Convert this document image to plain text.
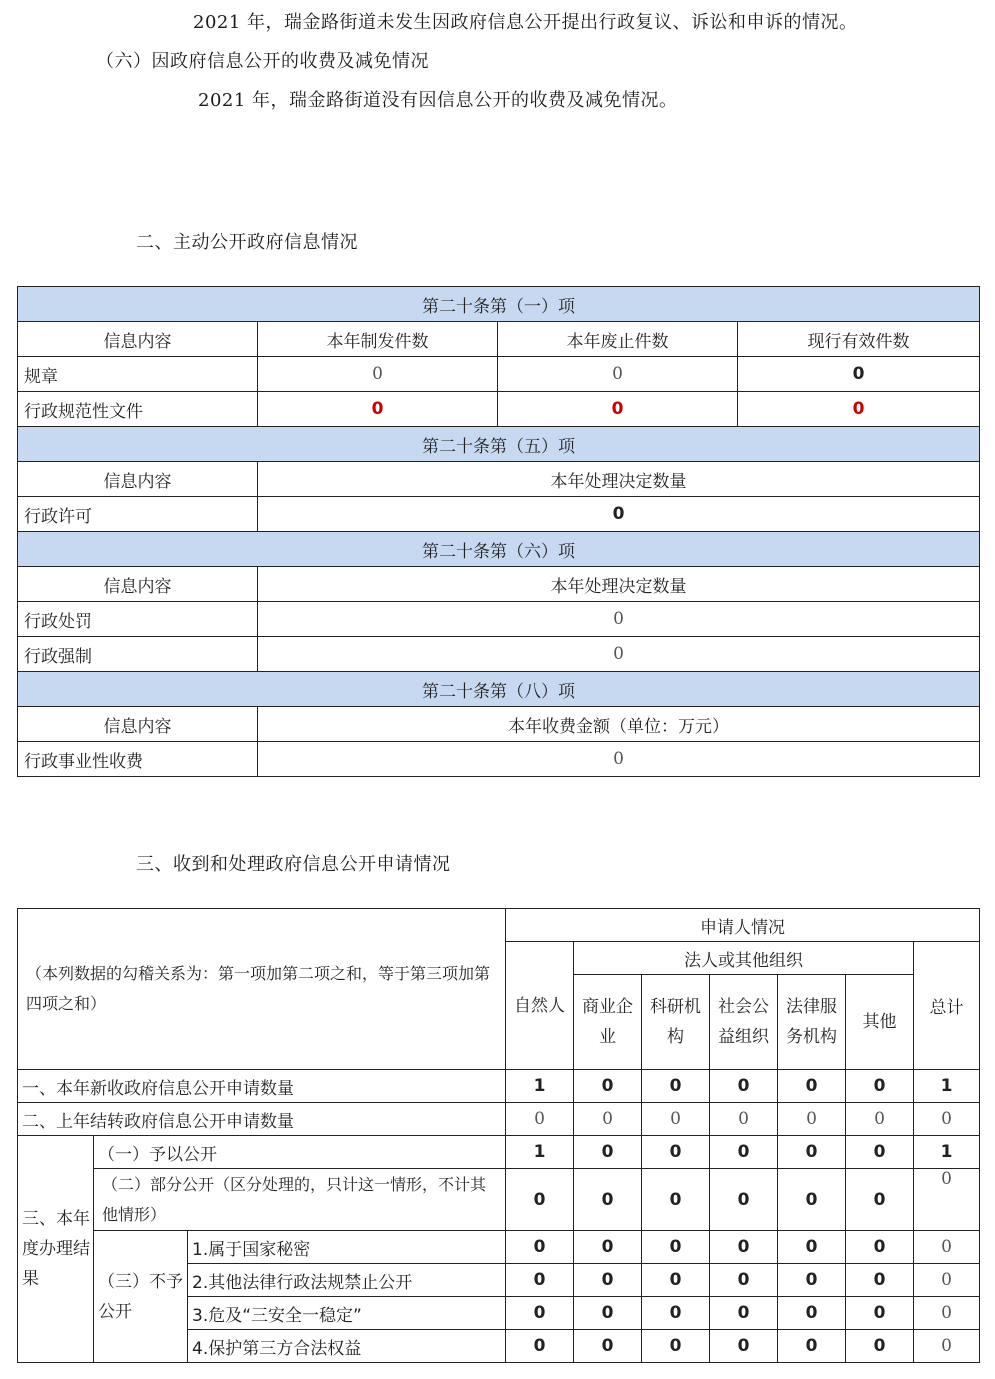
2021 年，瑞金路街道未发生因政府信息公开提出行政复议、诉讼和申诉的情况。
（六）因政府信息公开的收费及减免情况
2021 年，瑞金路街道没有因信息公开的收费及减免情况。
二、主动公开政府信息情况
第二十条第（一）项			
信息内容	本年制发件数	本年废止件数	现行有效件数
规章	0	0	0
行政规范性文件	0	0	0
第二十条第（五）项			
信息内容	本年处理决定数量		
行政许可	0		
第二十条第（六）项			
信息内容	本年处理决定数量		
行政处罚	0		
行政强制	0		
第二十条第（八）项			
信息内容	本年收费金额（单位：万元）		
行政事业性收费	0		
三、收到和处理政府信息公开申请情况
（本列数据的勾稽关系为：第一项加第二项之和，等于第三项加第四项之和）			申请人情况						
			自然人	法人或其他组织					总计
				商业企业	科研机构	社会公益组织	法律服务机构	其他	
一、本年新收政府信息公开申请数量			1	0	0	0	0	0	1
二、上年结转政府信息公开申请数量			0	0	0	0	0	0	0
三、本年度办理结果	（一）予以公开		1	0	0	0	0	0	1
	（二）部分公开（区分处理的，只计这一情形，不计其他情形）		0	0	0	0	0	0	0
	（三）不予公开	1.属于国家秘密	0	0	0	0	0	0	0
		2.其他法律行政法规禁止公开	0	0	0	0	0	0	0
		3.危及“三安全一稳定”	0	0	0	0	0	0	0
		4.保护第三方合法权益	0	0	0	0	0	0	0
